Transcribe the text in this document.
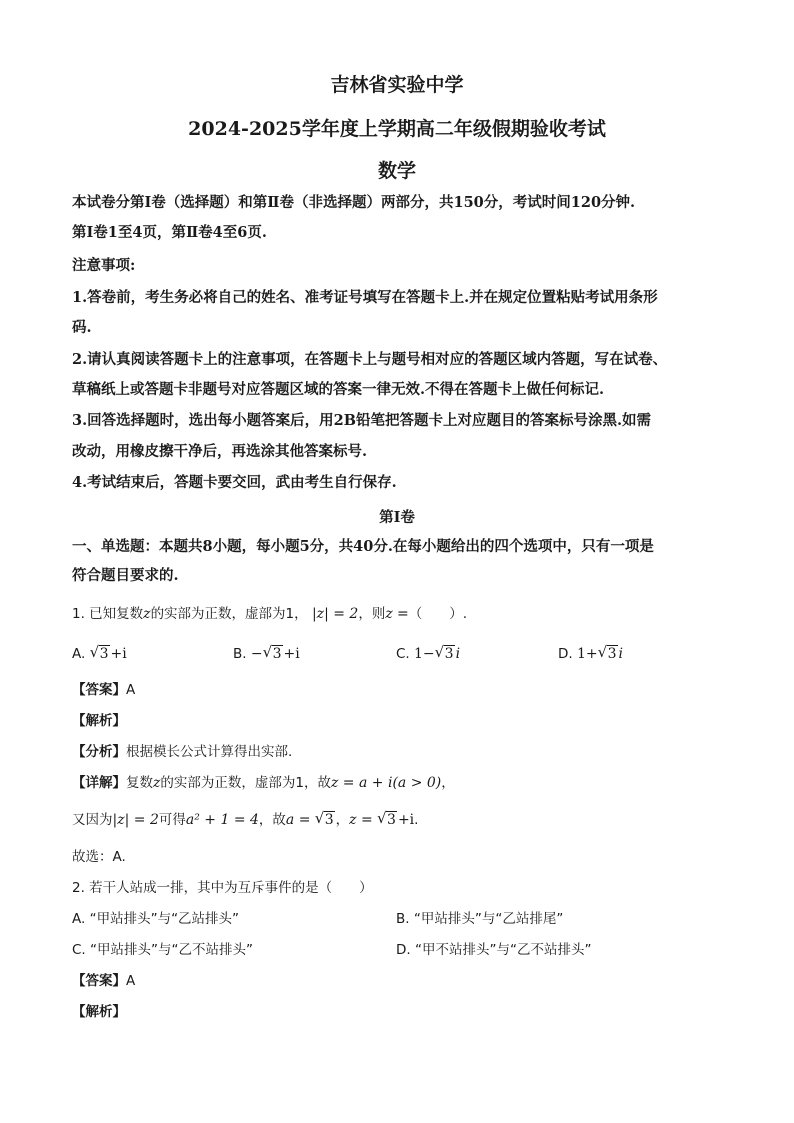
吉林省实验中学
2024-2025学年度上学期高二年级假期验收考试
数学
本试卷分第Ⅰ卷（选择题）和第Ⅱ卷（非选择题）两部分，共150分，考试时间120分钟.
第Ⅰ卷1至4页，第Ⅱ卷4至6页.
注意事项:
1.答卷前，考生务必将自己的姓名、准考证号填写在答题卡上.并在规定位置粘贴考试用条形
码.
2.请认真阅读答题卡上的注意事项，在答题卡上与题号相对应的答题区域内答题，写在试卷、
草稿纸上或答题卡非题号对应答题区域的答案一律无效.不得在答题卡上做任何标记.
3.回答选择题时，选出每小题答案后，用2B铅笔把答题卡上对应题目的答案标号涂黑.如需
改动，用橡皮擦干净后，再选涂其他答案标号.
4.考试结束后，答题卡要交回，武由考生自行保存.
第Ⅰ卷
一、单选题：本题共8小题，每小题5分，共40分.在每小题给出的四个选项中，只有一项是
符合题目要求的.
1. 已知复数z的实部为正数，虚部为1， |z| = 2，则z =（　　）.
A. √ 3 +i	B. − √ 3 +i	C. 1− √ 3 i	D. 1+ √ 3 i
【答案】A
【解析】
【分析】根据模长公式计算得出实部.
【详解】复数z的实部为正数，虚部为1，故z = a + i(a > 0)，
又因为|z| = 2可得a² + 1 = 4，故a = √ 3 ，z = √ 3 +i.
故选：A.
2. 若干人站成一排，其中为互斥事件的是（　　）
A. “甲站排头”与“乙站排头”	B. “甲站排头”与“乙站排尾”
C. “甲站排头”与“乙不站排头”	D. “甲不站排头”与“乙不站排头”
【答案】A
【解析】
